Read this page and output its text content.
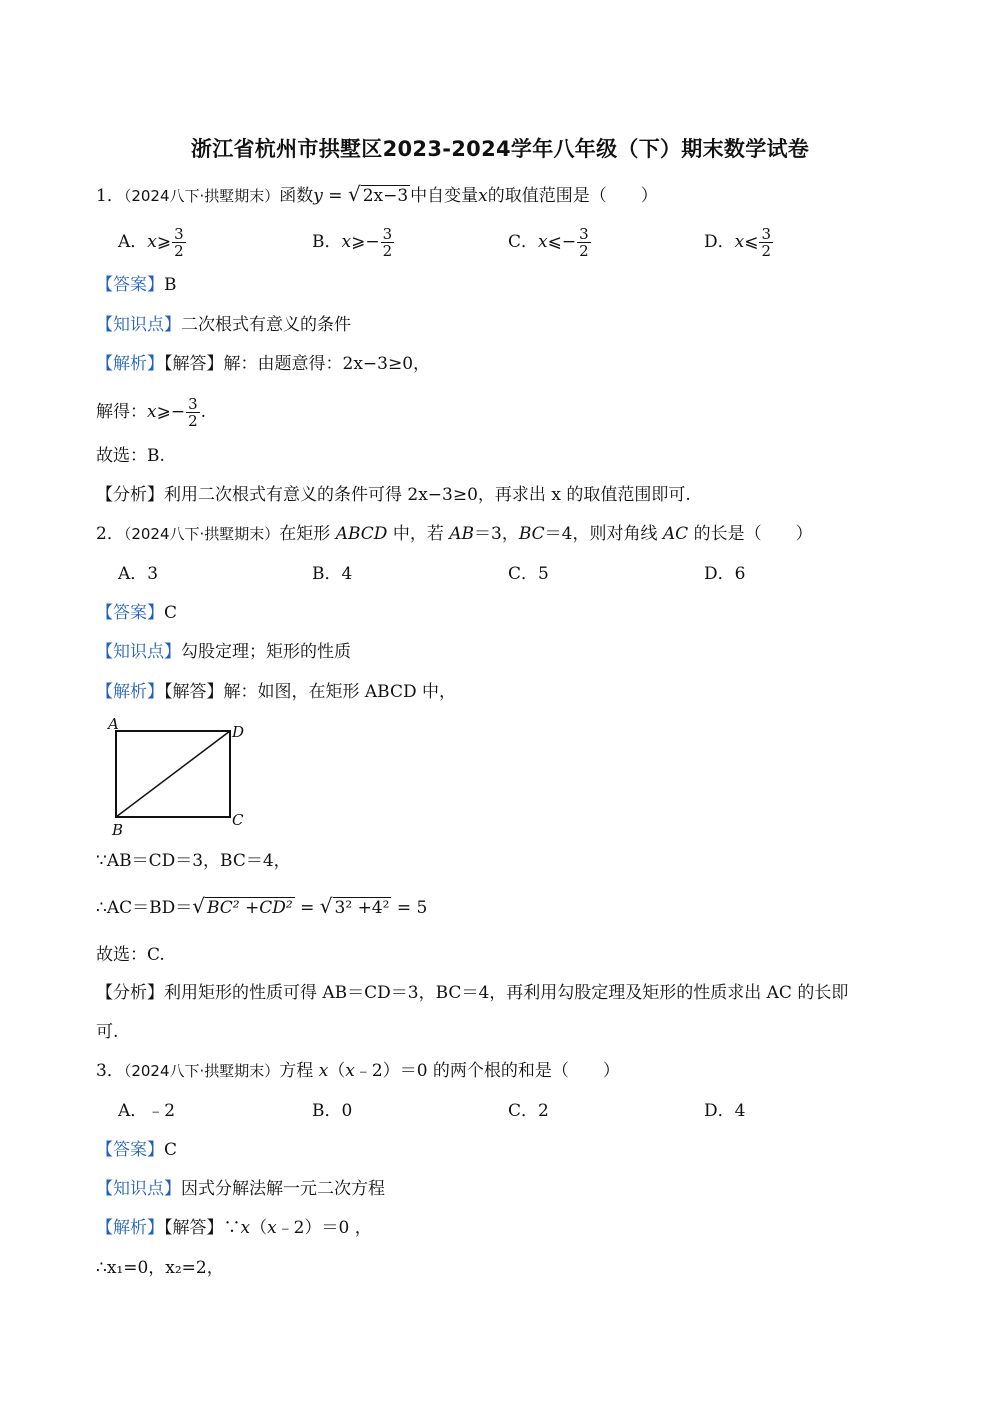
浙江省杭州市拱墅区2023-2024学年八年级（下）期末数学试卷
1．（2024八下·拱墅期末）函数y = √ 2x−3 中自变量x的取值范围是（　　）
A．x⩾ $\frac{3}{2}$	B．x⩾− $\frac{3}{2}$	C．x⩽− $\frac{3}{2}$	D．x⩽ $\frac{3}{2}$
【答案】B
【知识点】二次根式有意义的条件
【解析】【解答】解：由题意得：2x−3≥0，
解得：x⩾− $\frac{3}{2}$ .
故选：B.
【分析】利用二次根式有意义的条件可得 2x−3≥0，再求出 x 的取值范围即可.
2．（2024八下·拱墅期末）在矩形 ABCD 中，若 AB＝3，BC＝4，则对角线 AC 的长是（　　）
A．3	B．4	C．5	D．6
【答案】C
【知识点】勾股定理；矩形的性质
【解析】【解答】解：如图，在矩形 ABCD 中，
A	D
B
C
∵AB＝CD＝3，BC＝4，
∴AC＝BD＝√ BC² +CD² = √ 3² +4² = 5
故选：C.
【分析】利用矩形的性质可得 AB＝CD＝3，BC＝4，再利用勾股定理及矩形的性质求出 AC 的长即
可.
3．（2024八下·拱墅期末）方程 x（x﹣2）＝0 的两个根的和是（　　）
A．﹣2	B．0	C．2	D．4
【答案】C
【知识点】因式分解法解一元二次方程
【解析】【解答】∵x（x﹣2）＝0 ，
∴x₁=0，x₂=2，
